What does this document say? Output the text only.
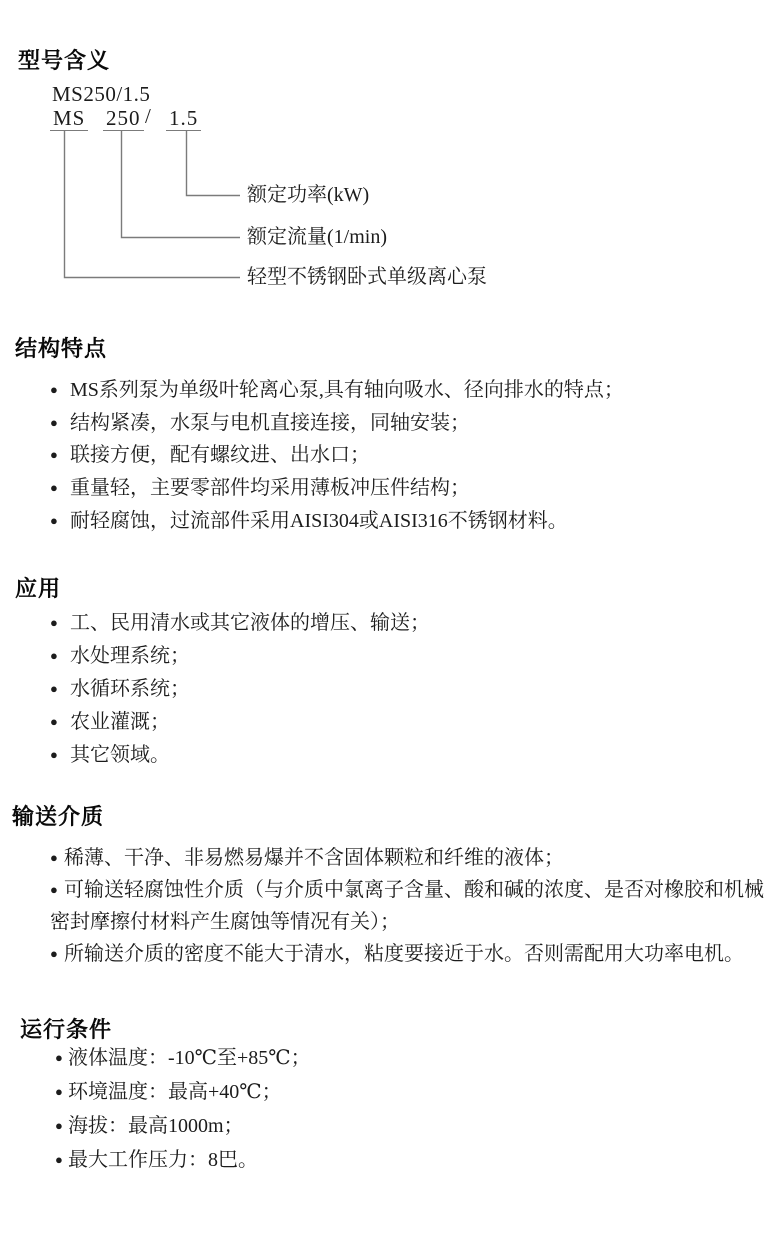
型号含义
MS250/1.5
MS 250 / 1.5
额定功率(kW)
额定流量(1/min)
轻型不锈钢卧式单级离心泵
结构特点
● MS系列泵为单级叶轮离心泵,具有轴向吸水、径向排水的特点；
● 结构紧凑，水泵与电机直接连接，同轴安装；
● 联接方便，配有螺纹进、出水口；
● 重量轻，主要零部件均采用薄板冲压件结构；
● 耐轻腐蚀，过流部件采用AISI304或AISI316不锈钢材料。
应用
● 工、民用清水或其它液体的增压、输送；
● 水处理系统；
● 水循环系统；
● 农业灌溉；
● 其它领域。
输送介质
● 稀薄、干净、非易燃易爆并不含固体颗粒和纤维的液体；
● 可输送轻腐蚀性介质（与介质中氯离子含量、酸和碱的浓度、是否对橡胶和机械密封摩擦付材料产生腐蚀等情况有关）；
● 所输送介质的密度不能大于清水，粘度要接近于水。否则需配用大功率电机。
运行条件
● 液体温度：-10℃至+85℃；
● 环境温度：最高+40℃；
● 海拔：最高1000m；
● 最大工作压力：8巴。
